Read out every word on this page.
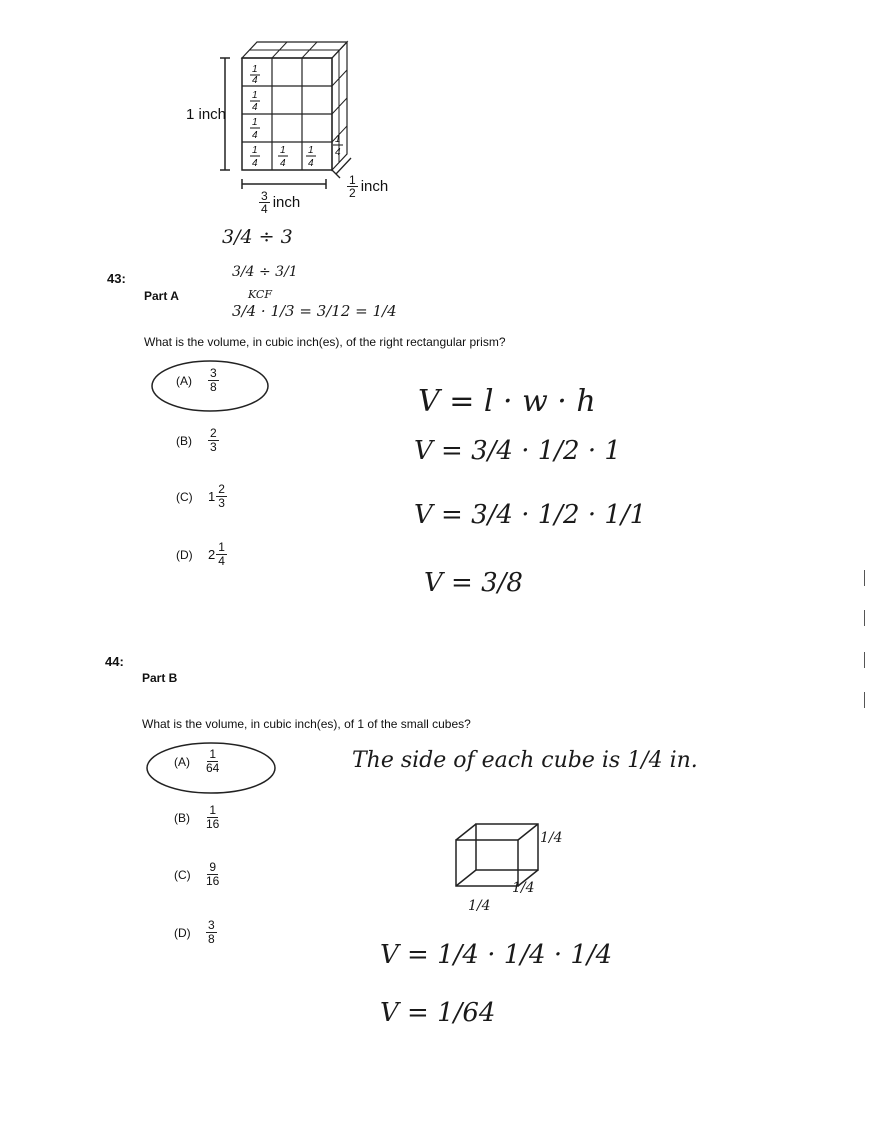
1
4
1
4
1
4
1
4
1
4
1
4
1
4
1 inch
$\frac{3}{4}$ inch
$\frac{1}{2}$ inch
3/4 ÷ 3
3/4 ÷ 3/1
KCF
3/4 · 1/3 = 3/12 = 1/4
43:
Part A
What is the volume, in cubic inch(es), of the right rectangular prism?
(A)	$\frac{3}{8}$
(B)	$\frac{2}{3}$
(C)	$1 \frac{2}{3}$
(D)	$2 \frac{1}{4}$
V = l · w · h
V = 3/4 · 1/2 · 1
V = 3/4 · 1/2 · 1/1
V = 3/8
44:
Part B
What is the volume, in cubic inch(es), of 1 of the small cubes?
(A)	$\frac{1}{64}$
(B)	$\frac{1}{16}$
(C)	$\frac{9}{16}$
(D)	$\frac{3}{8}$
The side of each cube is 1/4 in.
1/4
1/4
1/4
V = 1/4 · 1/4 · 1/4
V = 1/64
